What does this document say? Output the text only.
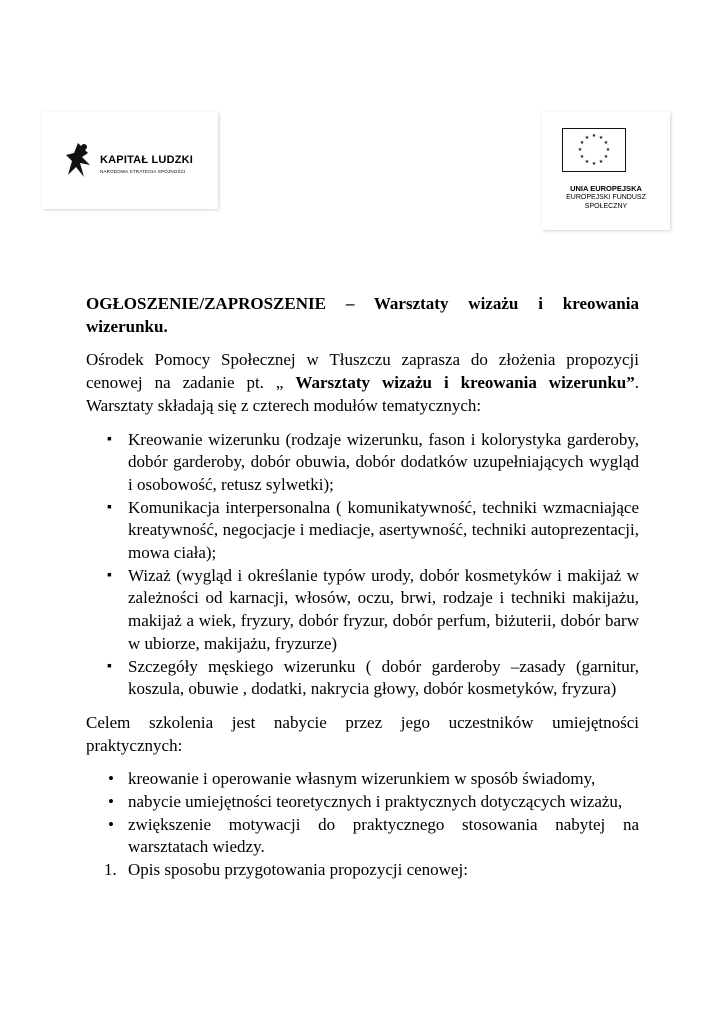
KAPITAŁ LUDZKI
NARODOWA STRATEGIA SPÓJNOŚCI
★ ★
★
★
★
★
★
★
★
★
★
★
UNIA EUROPEJSKA
EUROPEJSKI FUNDUSZ
SPOŁECZNY

OGŁOSZENIE/ZAPROSZENIE – Warsztaty wizażu i kreowania wizerunku.

Ośrodek Pomocy Społecznej w Tłuszczu zaprasza do złożenia propozycji cenowej na zadanie pt. „ Warsztaty wizażu i kreowania wizerunku”. Warsztaty składają się z czterech modułów tematycznych:

▪ Kreowanie wizerunku (rodzaje wizerunku, fason i kolorystyka garderoby, dobór garderoby, dobór obuwia, dobór dodatków uzupełniających wygląd i osobowość, retusz sylwetki);
▪ Komunikacja interpersonalna ( komunikatywność, techniki wzmacniające kreatywność, negocjacje i mediacje, asertywność, techniki autoprezentacji, mowa ciała);
▪ Wizaż (wygląd i określanie typów urody, dobór kosmetyków i makijaż w zależności od karnacji, włosów, oczu, brwi, rodzaje i techniki makijażu, makijaż a wiek, fryzury, dobór fryzur, dobór perfum, biżuterii, dobór barw w ubiorze, makijażu, fryzurze)
▪ Szczegóły męskiego wizerunku ( dobór garderoby –zasady (garnitur, koszula, obuwie , dodatki, nakrycia głowy, dobór kosmetyków, fryzura)

Celem szkolenia jest nabycie przez jego uczestników umiejętności praktycznych:

• kreowanie i operowanie własnym wizerunkiem w sposób świadomy,
• nabycie umiejętności teoretycznych i praktycznych dotyczących wizażu,
• zwiększenie motywacji do praktycznego stosowania nabytej na warsztatach wiedzy.
1. Opis sposobu przygotowania propozycji cenowej:
